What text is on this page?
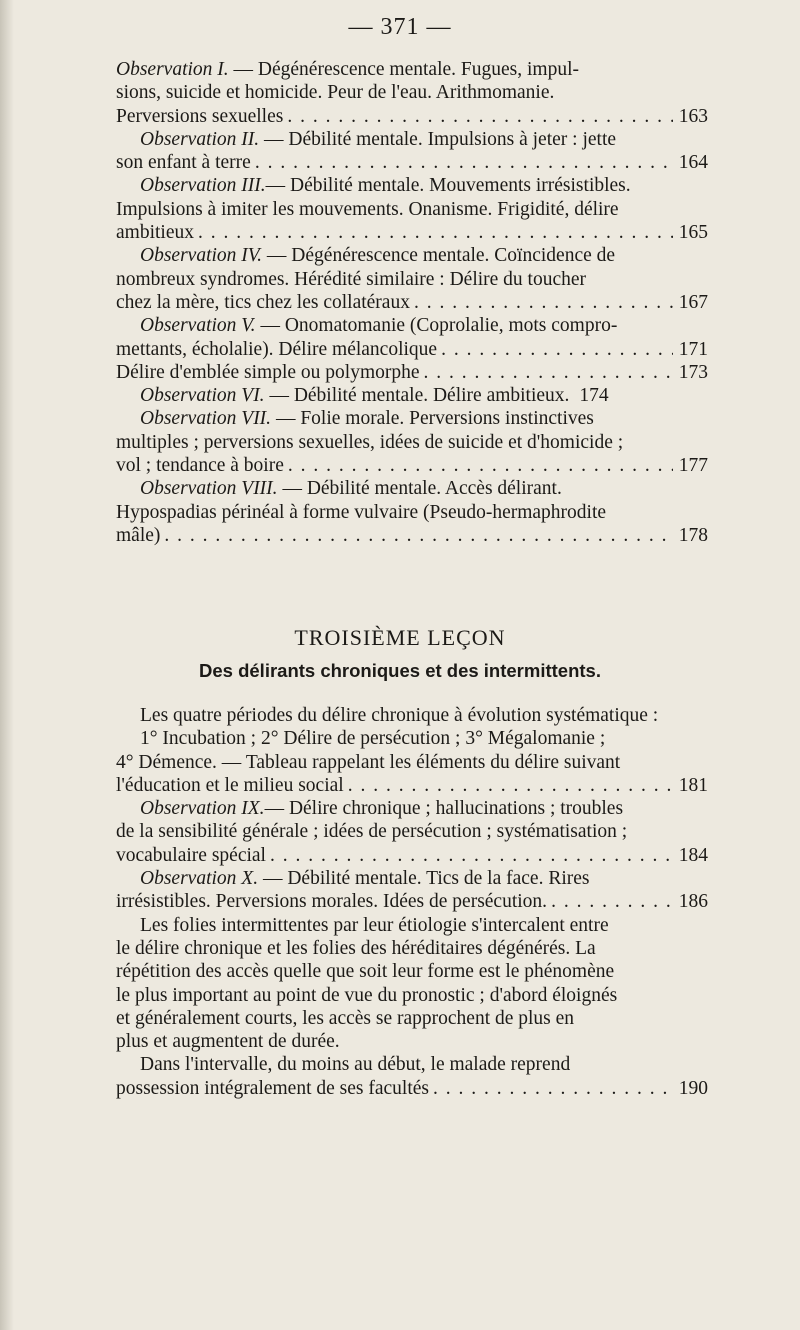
— 371 —
Observation I. — Dégénérescence mentale. Fugues, impul-
sions, suicide et homicide. Peur de l'eau. Arithmomanie.
Perversions sexuelles . . .	163
Observation II. — Débilité mentale. Impulsions à jeter : jette
son enfant à terre . . .	164
Observation III.— Débilité mentale. Mouvements irrésistibles.
Impulsions à imiter les mouvements. Onanisme. Frigidité, délire
ambitieux . . .	165
Observation IV. — Dégénérescence mentale. Coïncidence de
nombreux syndromes. Hérédité similaire : Délire du toucher
chez la mère, tics chez les collatéraux . . .	167
Observation V. — Onomatomanie (Coprolalie, mots compro-
mettants, écholalie). Délire mélancolique . . .	171
Délire d'emblée simple ou polymorphe . . .	173
Observation VI. — Débilité mentale. Délire ambitieux. 174
Observation VII. — Folie morale. Perversions instinctives
multiples ; perversions sexuelles, idées de suicide et d'homicide ;
vol ; tendance à boire . . .	177
Observation VIII. — Débilité mentale. Accès délirant.
Hypospadias périnéal à forme vulvaire (Pseudo-hermaphrodite
mâle) . . .	178
TROISIÈME LEÇON
Des délirants chroniques et des intermittents.
Les quatre périodes du délire chronique à évolution systématique :
1° Incubation ; 2° Délire de persécution ; 3° Mégalomanie ;
4° Démence. — Tableau rappelant les éléments du délire suivant
l'éducation et le milieu social . . .	181
Observation IX.— Délire chronique ; hallucinations ; troubles
de la sensibilité générale ; idées de persécution ; systématisation ;
vocabulaire spécial . . .	184
Observation X. — Débilité mentale. Tics de la face. Rires
irrésistibles. Perversions morales. Idées de persécution. . . .	186
Les folies intermittentes par leur étiologie s'intercalent entre
le délire chronique et les folies des héréditaires dégénérés. La
répétition des accès quelle que soit leur forme est le phénomène
le plus important au point de vue du pronostic ; d'abord éloignés
et généralement courts, les accès se rapprochent de plus en
plus et augmentent de durée.
Dans l'intervalle, du moins au début, le malade reprend
possession intégralement de ses facultés . . .	190
